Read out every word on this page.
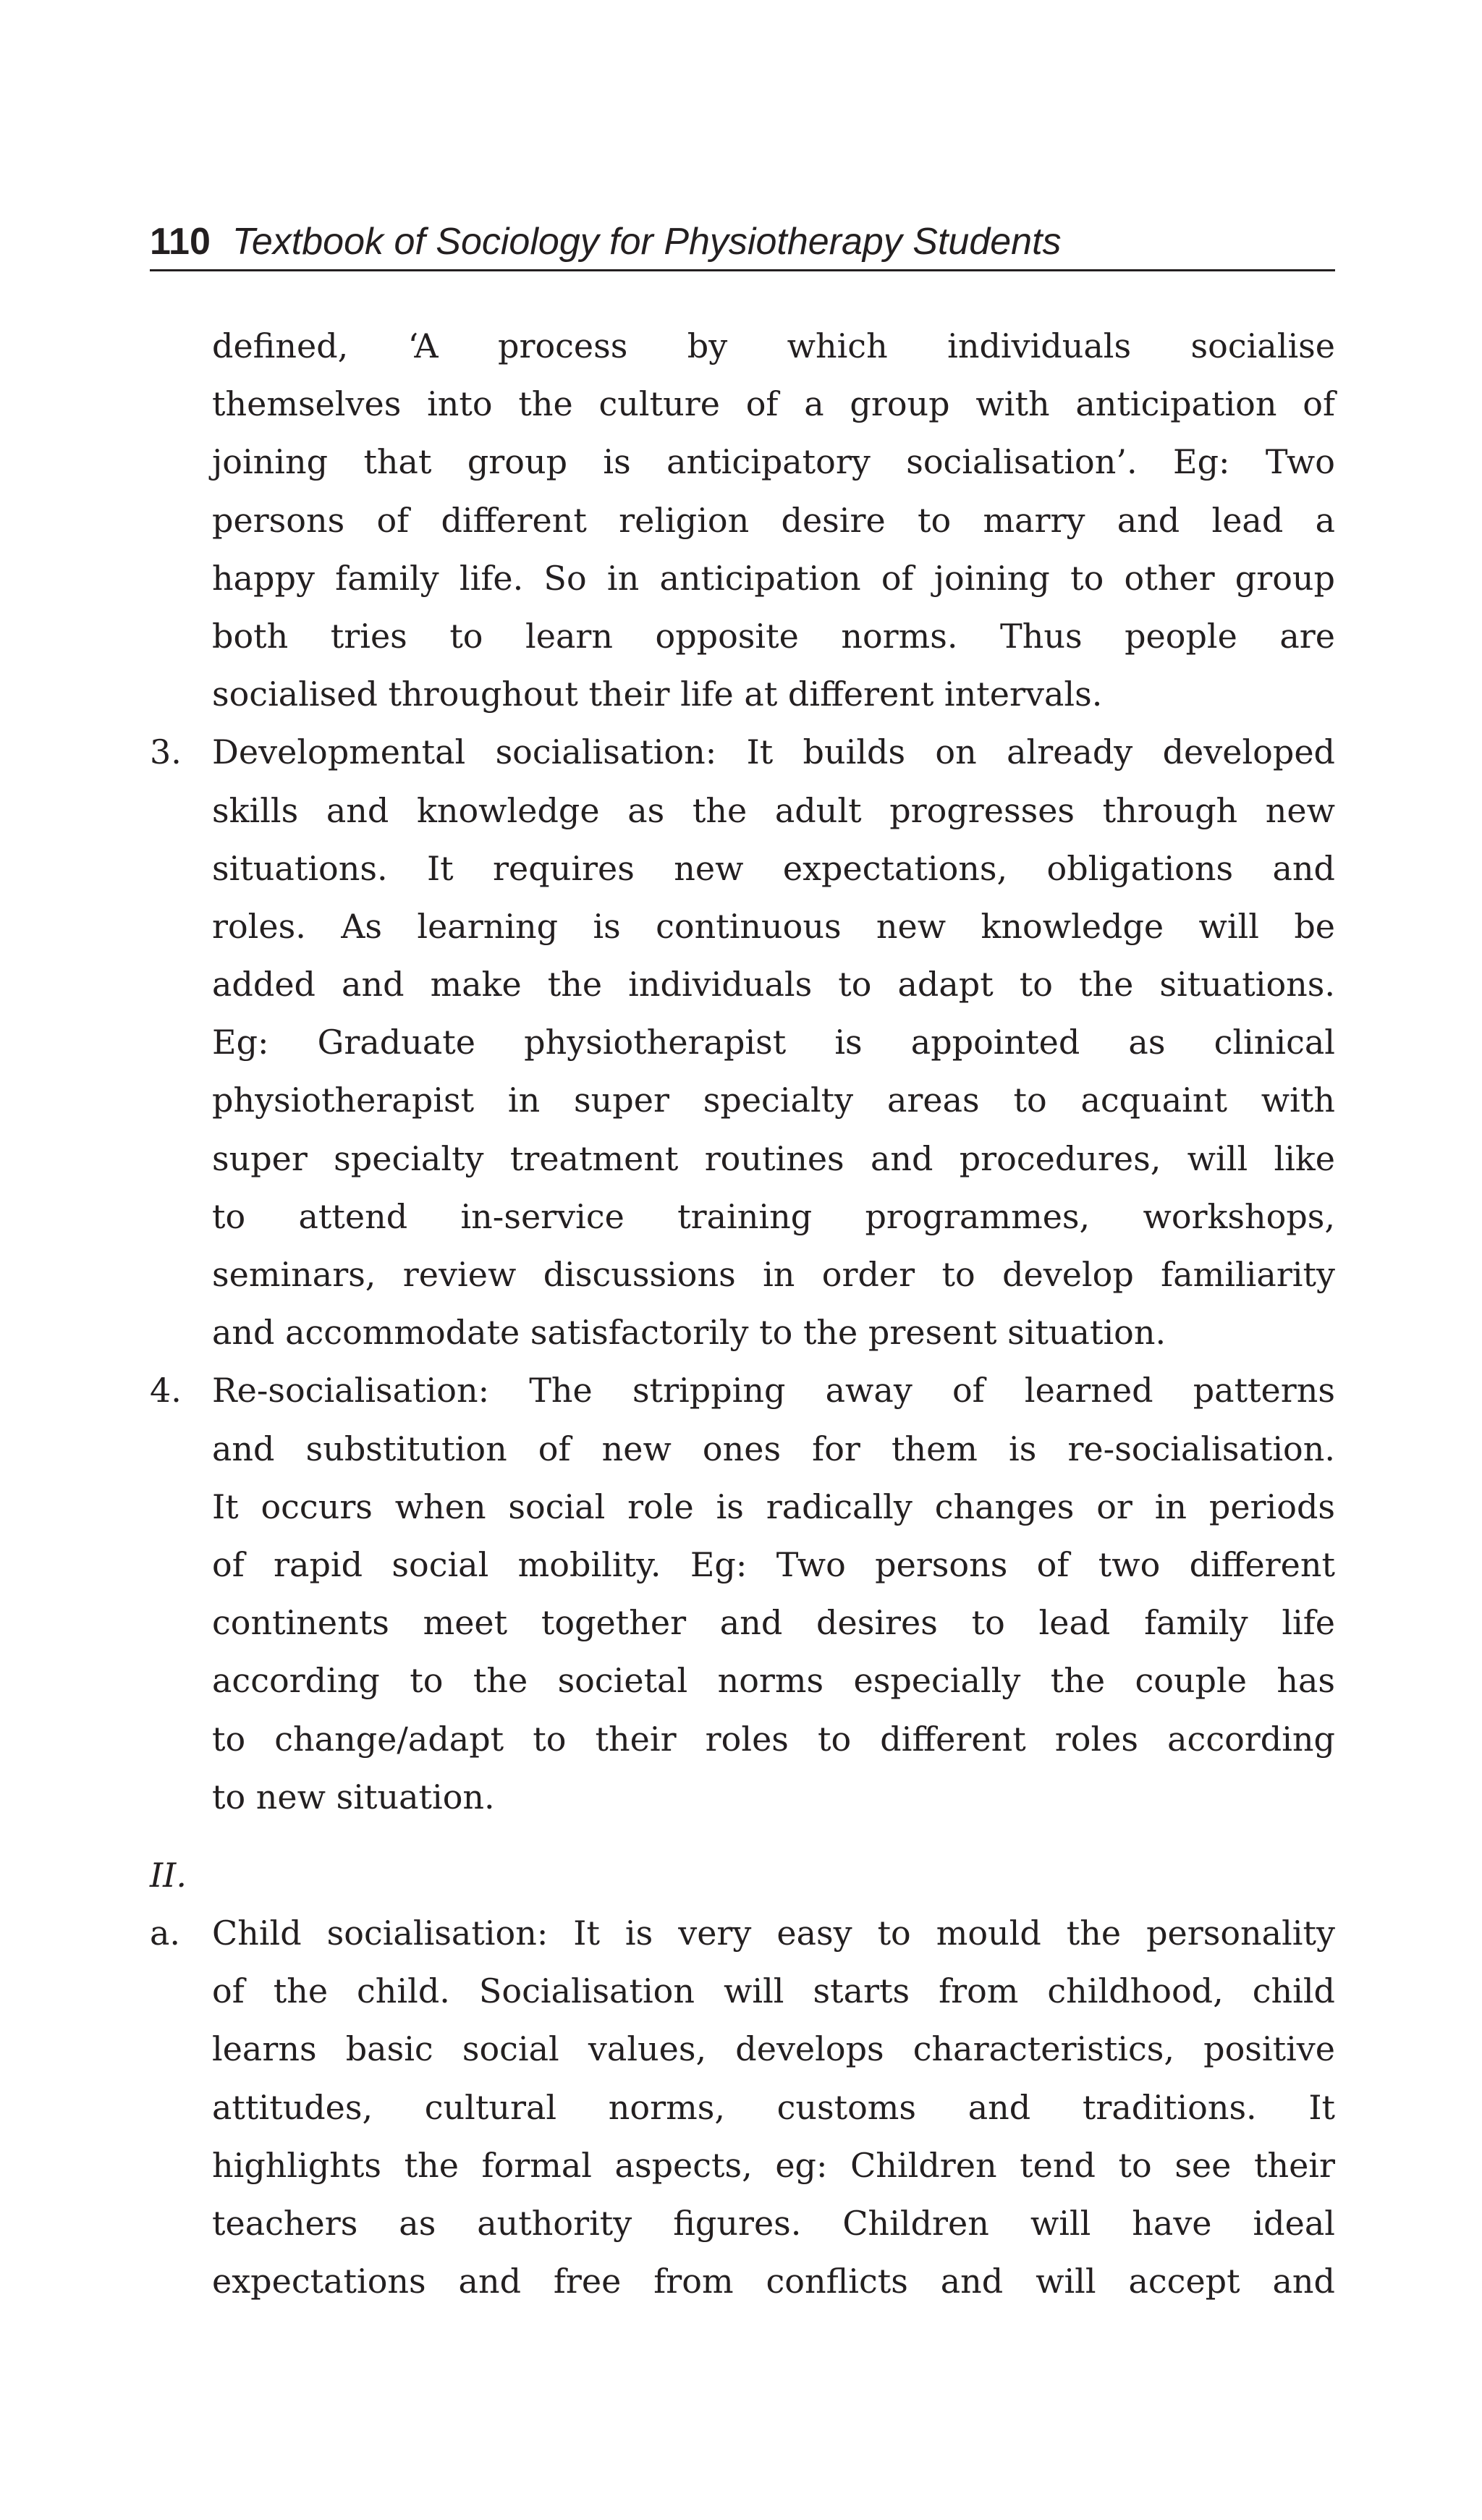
110 Textbook of Sociology for Physiotherapy Students
defined, ‘A process by which individuals socialise
themselves into the culture of a group with anticipation of
joining that group is anticipatory socialisation’. Eg: Two
persons of different religion desire to marry and lead a
happy family life. So in anticipation of joining to other group
both tries to learn opposite norms. Thus people are
socialised throughout their life at different intervals.
3. Developmental socialisation: It builds on already developed
skills and knowledge as the adult progresses through new
situations. It requires new expectations, obligations and
roles. As learning is continuous new knowledge will be
added and make the individuals to adapt to the situations.
Eg: Graduate physiotherapist is appointed as clinical
physiotherapist in super specialty areas to acquaint with
super specialty treatment routines and procedures, will like
to attend in-service training programmes, workshops,
seminars, review discussions in order to develop familiarity
and accommodate satisfactorily to the present situation.
4. Re-socialisation: The stripping away of learned patterns
and substitution of new ones for them is re-socialisation.
It occurs when social role is radically changes or in periods
of rapid social mobility. Eg: Two persons of two different
continents meet together and desires to lead family life
according to the societal norms especially the couple has
to change/adapt to their roles to different roles according
to new situation.
II.
a. Child socialisation: It is very easy to mould the personality
of the child. Socialisation will starts from childhood, child
learns basic social values, develops characteristics, positive
attitudes, cultural norms, customs and traditions. It
highlights the formal aspects, eg: Children tend to see their
teachers as authority figures. Children will have ideal
expectations and free from conflicts and will accept and
